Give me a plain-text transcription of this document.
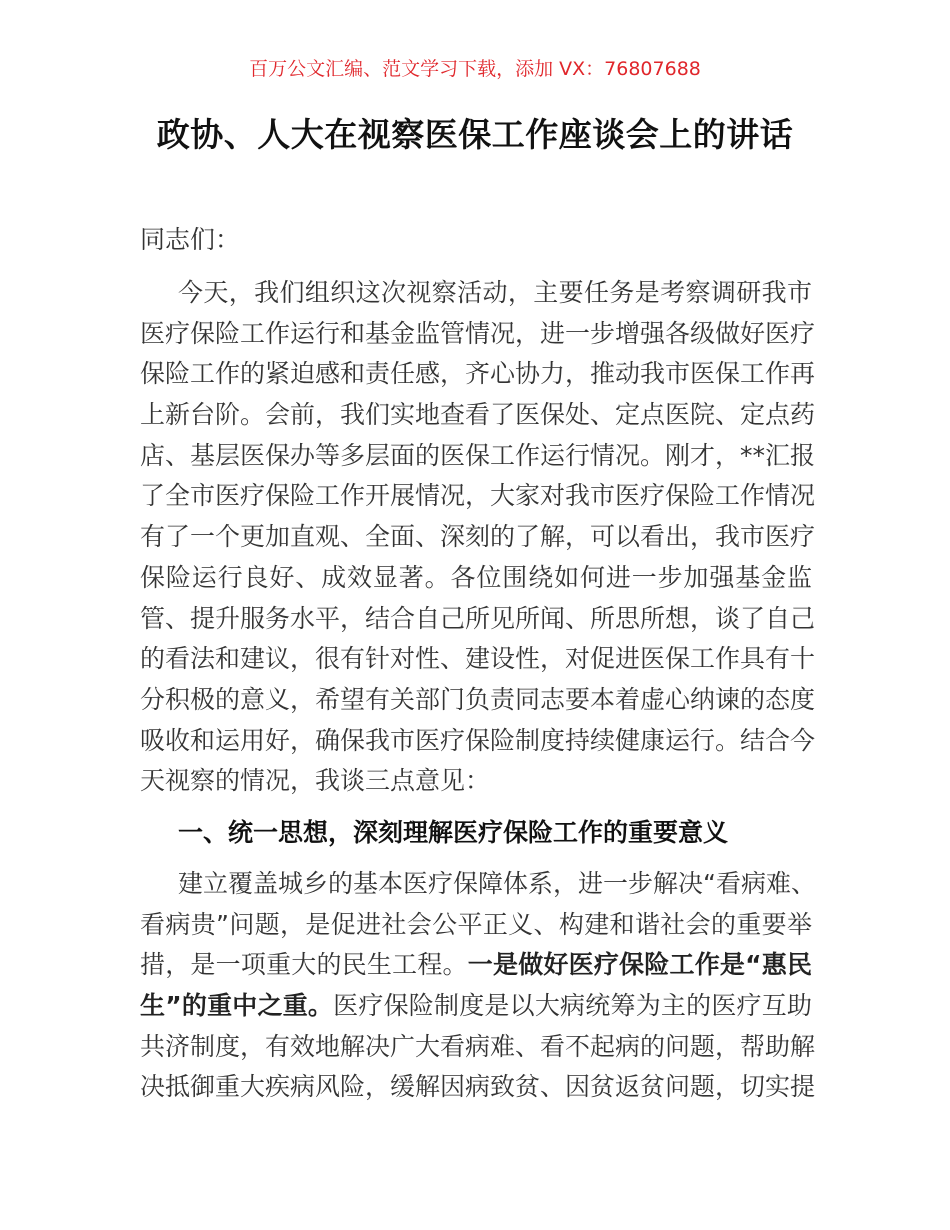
百万公文汇编、范文学习下载，添加 VX：76807688
政协、人大在视察医保工作座谈会上的讲话
同志们：
今天，我们组织这次视察活动，主要任务是考察调研我市
医疗保险工作运行和基金监管情况，进一步增强各级做好医疗
保险工作的紧迫感和责任感，齐心协力，推动我市医保工作再
上新台阶。会前，我们实地查看了医保处、定点医院、定点药
店、基层医保办等多层面的医保工作运行情况。刚才，**汇报
了全市医疗保险工作开展情况，大家对我市医疗保险工作情况
有了一个更加直观、全面、深刻的了解，可以看出，我市医疗
保险运行良好、成效显著。各位围绕如何进一步加强基金监
管、提升服务水平，结合自己所见所闻、所思所想，谈了自己
的看法和建议，很有针对性、建设性，对促进医保工作具有十
分积极的意义，希望有关部门负责同志要本着虚心纳谏的态度
吸收和运用好，确保我市医疗保险制度持续健康运行。结合今
天视察的情况，我谈三点意见：
一、统一思想，深刻理解医疗保险工作的重要意义
建立覆盖城乡的基本医疗保障体系，进一步解决“看病难、
看病贵”问题，是促进社会公平正义、构建和谐社会的重要举
措，是一项重大的民生工程。一是做好医疗保险工作是“惠民
生”的重中之重。医疗保险制度是以大病统筹为主的医疗互助
共济制度，有效地解决广大看病难、看不起病的问题，帮助解
决抵御重大疾病风险，缓解因病致贫、因贫返贫问题，切实提
